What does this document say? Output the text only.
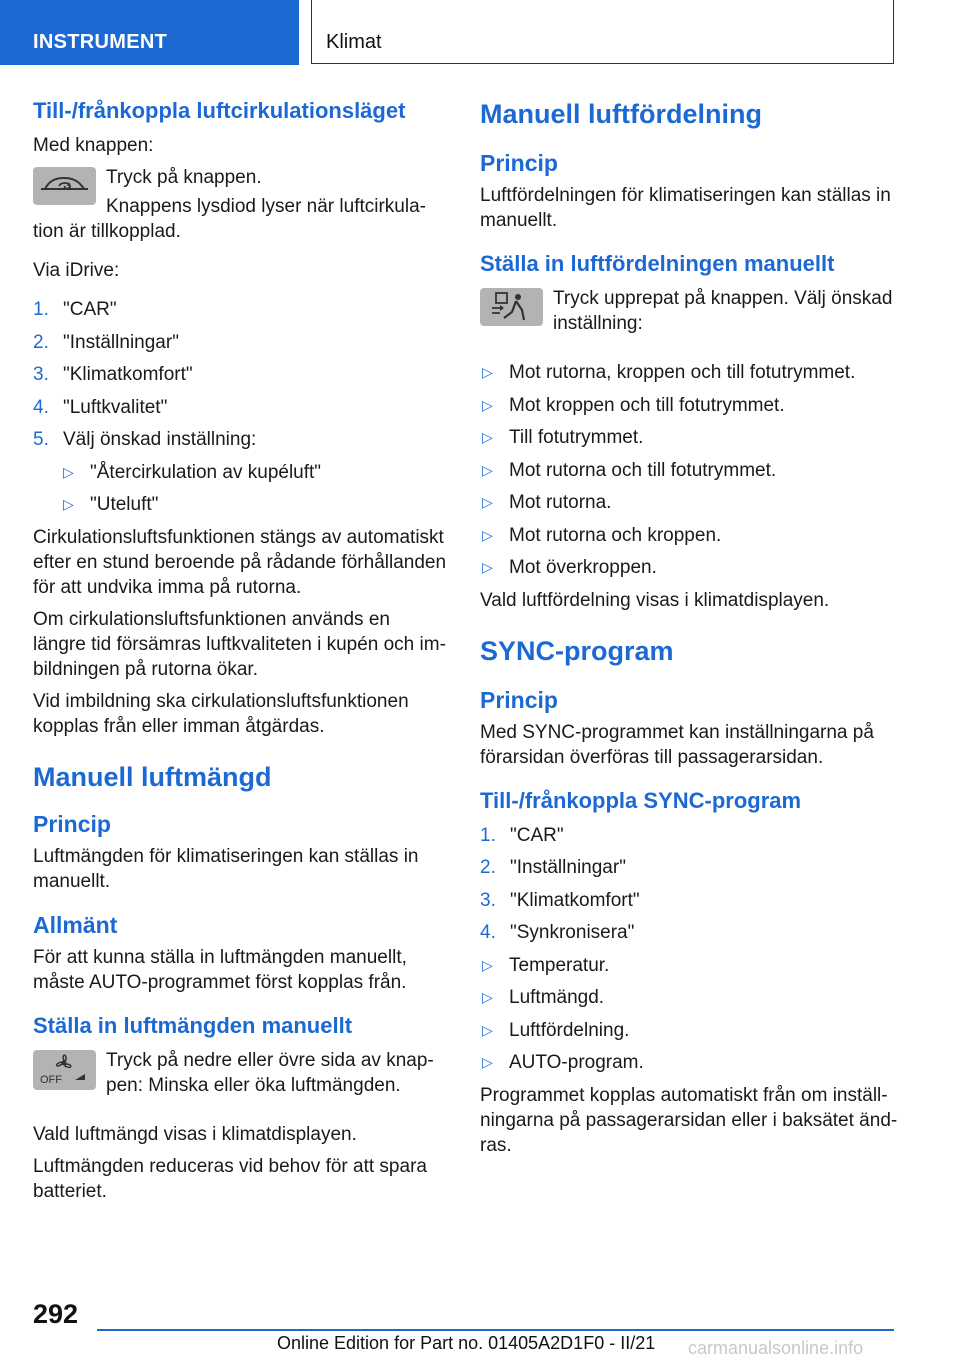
INSTRUMENT	Klimat
Till-/frånkoppla luftcirkulationsläget

Med knappen:

Tryck på knappen.

Knappens lysdiod lyser när luftcirkulation är tillkopplad.

Via iDrive:

1. "CAR"
2. "Inställningar"
3. "Klimatkomfort"
4. "Luftkvalitet"
5. Välj önskad inställning:
▷ "Återcirkulation av kupéluft"
▷ "Uteluft"

Cirkulationsluftsfunktionen stängs av automatiskt efter en stund beroende på rådande förhållanden för att undvika imma på rutorna.

Om cirkulationsluftsfunktionen används en längre tid försämras luftkvaliteten i kupén och imbildningen på rutorna ökar.

Vid imbildning ska cirkulationsluftsfunktionen kopplas från eller imman åtgärdas.

Manuell luftmängd
Princip

Luftmängden för klimatiseringen kan ställas in manuellt.

Allmänt

För att kunna ställa in luftmängden manuellt, måste AUTO-programmet först kopplas från.

Ställa in luftmängden manuellt
OFF

Tryck på nedre eller övre sida av knappen: Minska eller öka luftmängden.

Vald luftmängd visas i klimatdisplayen.

Luftmängden reduceras vid behov för att spara batteriet.

Manuell luftfördelning
Princip

Luftfördelningen för klimatiseringen kan ställas in manuellt.

Ställa in luftfördelningen manuellt

Tryck upprepat på knappen. Välj önskad inställning:

▷ Mot rutorna, kroppen och till fotutrymmet.
▷ Mot kroppen och till fotutrymmet.
▷ Till fotutrymmet.
▷ Mot rutorna och till fotutrymmet.
▷ Mot rutorna.
▷ Mot rutorna och kroppen.
▷ Mot överkroppen.

Vald luftfördelning visas i klimatdisplayen.

SYNC-program
Princip

Med SYNC-programmet kan inställningarna på förarsidan överföras till passagerarsidan.

Till-/frånkoppla SYNC-program
1. "CAR"
2. "Inställningar"
3. "Klimatkomfort"
4. "Synkronisera"
▷ Temperatur.
▷ Luftmängd.
▷ Luftfördelning.
▷ AUTO-program.

Programmet kopplas automatiskt från om inställningarna på passagerarsidan eller i baksätet ändras.

292
Online Edition for Part no. 01405A2D1F0 - II/21 carmanualsonline.info
